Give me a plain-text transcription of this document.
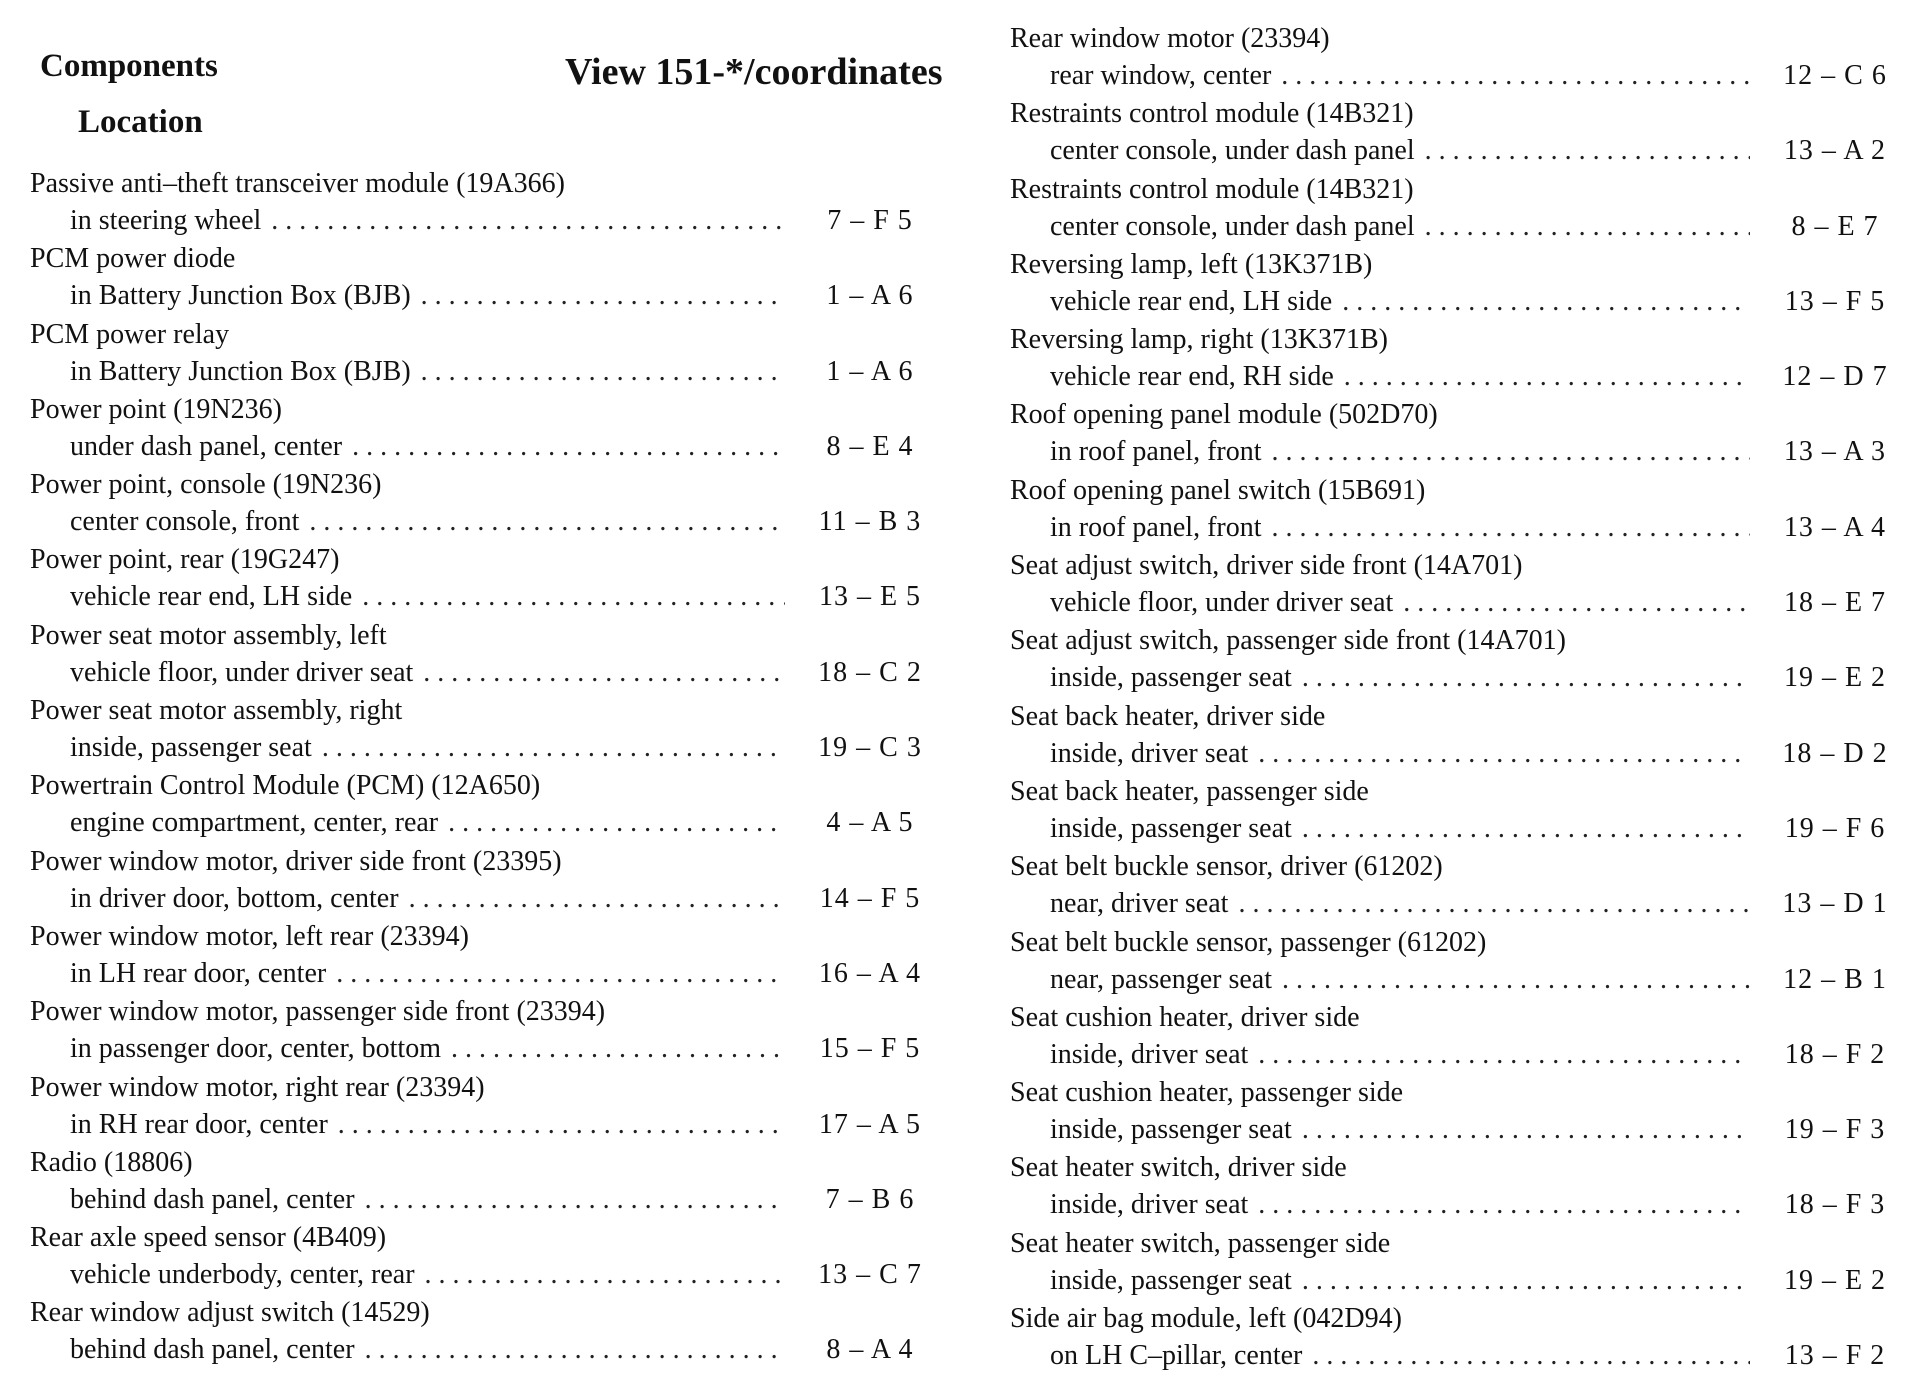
Components
Location
View 151-*/coordinates
Passive anti–theft transceiver module (19A366)
in steering wheel . . .	7 – F 5
PCM power diode
in Battery Junction Box (BJB) . . .	1 – A 6
PCM power relay
in Battery Junction Box (BJB) . . .	1 – A 6
Power point (19N236)
under dash panel, center . . .	8 – E 4
Power point, console (19N236)
center console, front . . .	11 – B 3
Power point, rear (19G247)
vehicle rear end, LH side . . .	13 – E 5
Power seat motor assembly, left
vehicle floor, under driver seat . . .	18 – C 2
Power seat motor assembly, right
inside, passenger seat . . .	19 – C 3
Powertrain Control Module (PCM) (12A650)
engine compartment, center, rear . . .	4 – A 5
Power window motor, driver side front (23395)
in driver door, bottom, center . . .	14 – F 5
Power window motor, left rear (23394)
in LH rear door, center . . .	16 – A 4
Power window motor, passenger side front (23394)
in passenger door, center, bottom . . .	15 – F 5
Power window motor, right rear (23394)
in RH rear door, center . . .	17 – A 5
Radio (18806)
behind dash panel, center . . .	7 – B 6
Rear axle speed sensor (4B409)
vehicle underbody, center, rear . . .	13 – C 7
Rear window adjust switch (14529)
behind dash panel, center . . .	8 – A 4
Rear window motor (23394)
rear window, center . . .	12 – C 6
Restraints control module (14B321)
center console, under dash panel . . .	13 – A 2
Restraints control module (14B321)
center console, under dash panel . . .	8 – E 7
Reversing lamp, left (13K371B)
vehicle rear end, LH side . . .	13 – F 5
Reversing lamp, right (13K371B)
vehicle rear end, RH side . . .	12 – D 7
Roof opening panel module (502D70)
in roof panel, front . . .	13 – A 3
Roof opening panel switch (15B691)
in roof panel, front . . .	13 – A 4
Seat adjust switch, driver side front (14A701)
vehicle floor, under driver seat . . .	18 – E 7
Seat adjust switch, passenger side front (14A701)
inside, passenger seat . . .	19 – E 2
Seat back heater, driver side
inside, driver seat . . .	18 – D 2
Seat back heater, passenger side
inside, passenger seat . . .	19 – F 6
Seat belt buckle sensor, driver (61202)
near, driver seat . . .	13 – D 1
Seat belt buckle sensor, passenger (61202)
near, passenger seat . . .	12 – B 1
Seat cushion heater, driver side
inside, driver seat . . .	18 – F 2
Seat cushion heater, passenger side
inside, passenger seat . . .	19 – F 3
Seat heater switch, driver side
inside, driver seat . . .	18 – F 3
Seat heater switch, passenger side
inside, passenger seat . . .	19 – E 2
Side air bag module, left (042D94)
on LH C–pillar, center . . .	13 – F 2
